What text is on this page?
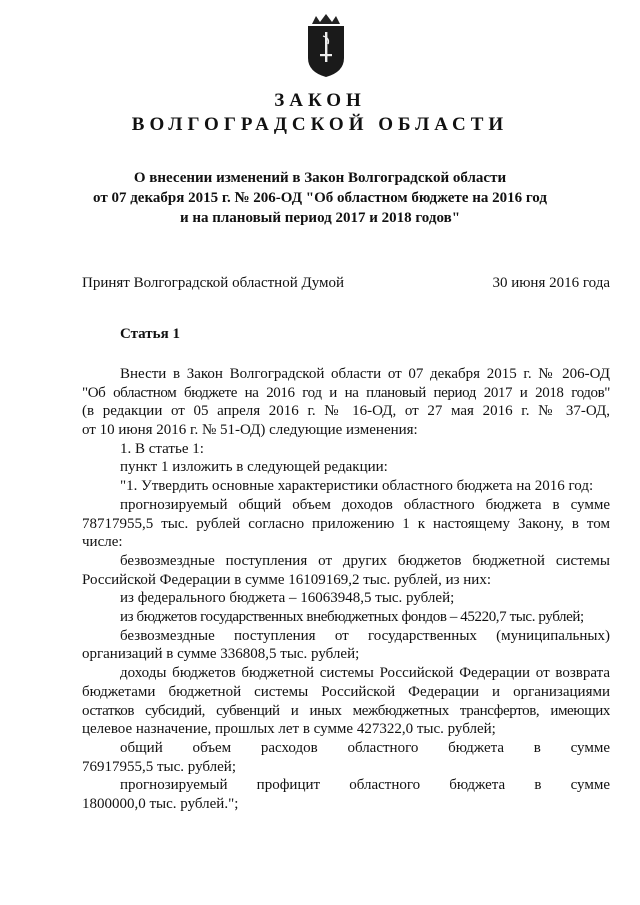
ЗАКОН
ВОЛГОГРАДСКОЙ ОБЛАСТИ
О внесении изменений в Закон Волгоградской области
от 07 декабря 2015 г. № 206-ОД "Об областном бюджете на 2016 год
и на плановый период 2017 и 2018 годов"
Принят Волгоградской областной Думой	30 июня 2016 года
Статья 1
Внести в Закон Волгоградской области от 07 декабря 2015 г. № 206-ОД
"Об областном бюджете на 2016 год и на плановый период 2017 и 2018 годов"
(в редакции от 05 апреля 2016 г. № 16-ОД, от 27 мая 2016 г. № 37-ОД,
от 10 июня 2016 г. № 51-ОД) следующие изменения:
1. В статье 1:
пункт 1 изложить в следующей редакции:
"1. Утвердить основные характеристики областного бюджета на 2016 год:
прогнозируемый общий объем доходов областного бюджета в сумме
78717955,5 тыс. рублей согласно приложению 1 к настоящему Закону, в том
числе:
безвозмездные поступления от других бюджетов бюджетной системы
Российской Федерации в сумме 16109169,2 тыс. рублей, из них:
из федерального бюджета – 16063948,5 тыс. рублей;
из бюджетов государственных внебюджетных фондов – 45220,7 тыс. рублей;
безвозмездные поступления от государственных (муниципальных)
организаций в сумме 336808,5 тыс. рублей;
доходы бюджетов бюджетной системы Российской Федерации от возврата
бюджетами бюджетной системы Российской Федерации и организациями
остатков субсидий, субвенций и иных межбюджетных трансфертов, имеющих
целевое назначение, прошлых лет в сумме 427322,0 тыс. рублей;
общий объем расходов областного бюджета в сумме
76917955,5 тыс. рублей;
прогнозируемый профицит областного бюджета в сумме
1800000,0 тыс. рублей.";
